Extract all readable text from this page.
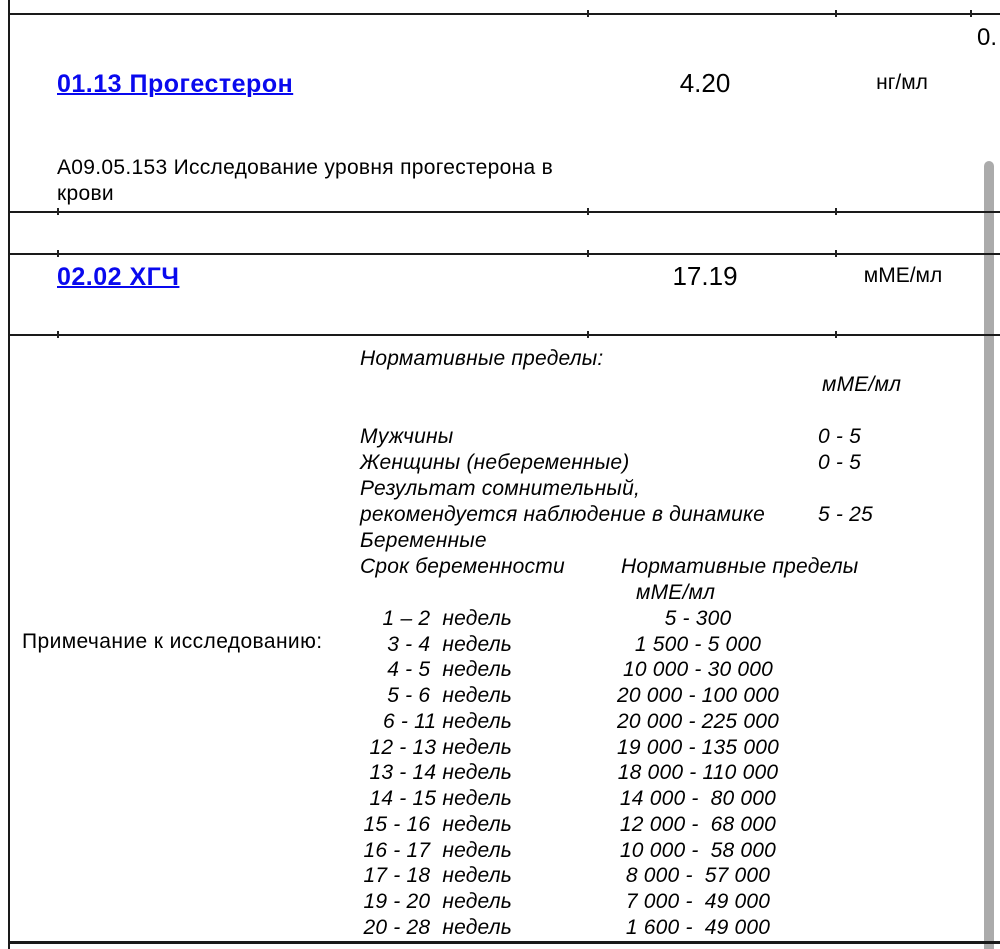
0.
01.13 Прогестерон	4.20	нг/мл
А09.05.153 Исследование уровня прогестерона в
крови
02.02 ХГЧ	17.19	мМЕ/мл
Примечание к исследованию:
Нормативные пределы:
мМЕ/мл
Мужчины	0 - 5
Женщины (небеременные)	0 - 5
Результат сомнительный,
рекомендуется наблюдение в динамике	5 - 25
Беременные
Срок беременности	Нормативные пределы
мМЕ/мл
1 – 2  недель	5 - 300
3 - 4  недель	1 500 - 5 000
4 - 5  недель	10 000 - 30 000
5 - 6  недель	20 000 - 100 000
6 - 11 недель	20 000 - 225 000
12 - 13 недель	19 000 - 135 000
13 - 14 недель	18 000 - 110 000
14 - 15 недель	14 000 -  80 000
15 - 16  недель	12 000 -  68 000
16 - 17  недель	10 000 -  58 000
17 - 18  недель	8 000 -  57 000
19 - 20  недель	7 000 -  49 000
20 - 28  недель	1 600 -  49 000
